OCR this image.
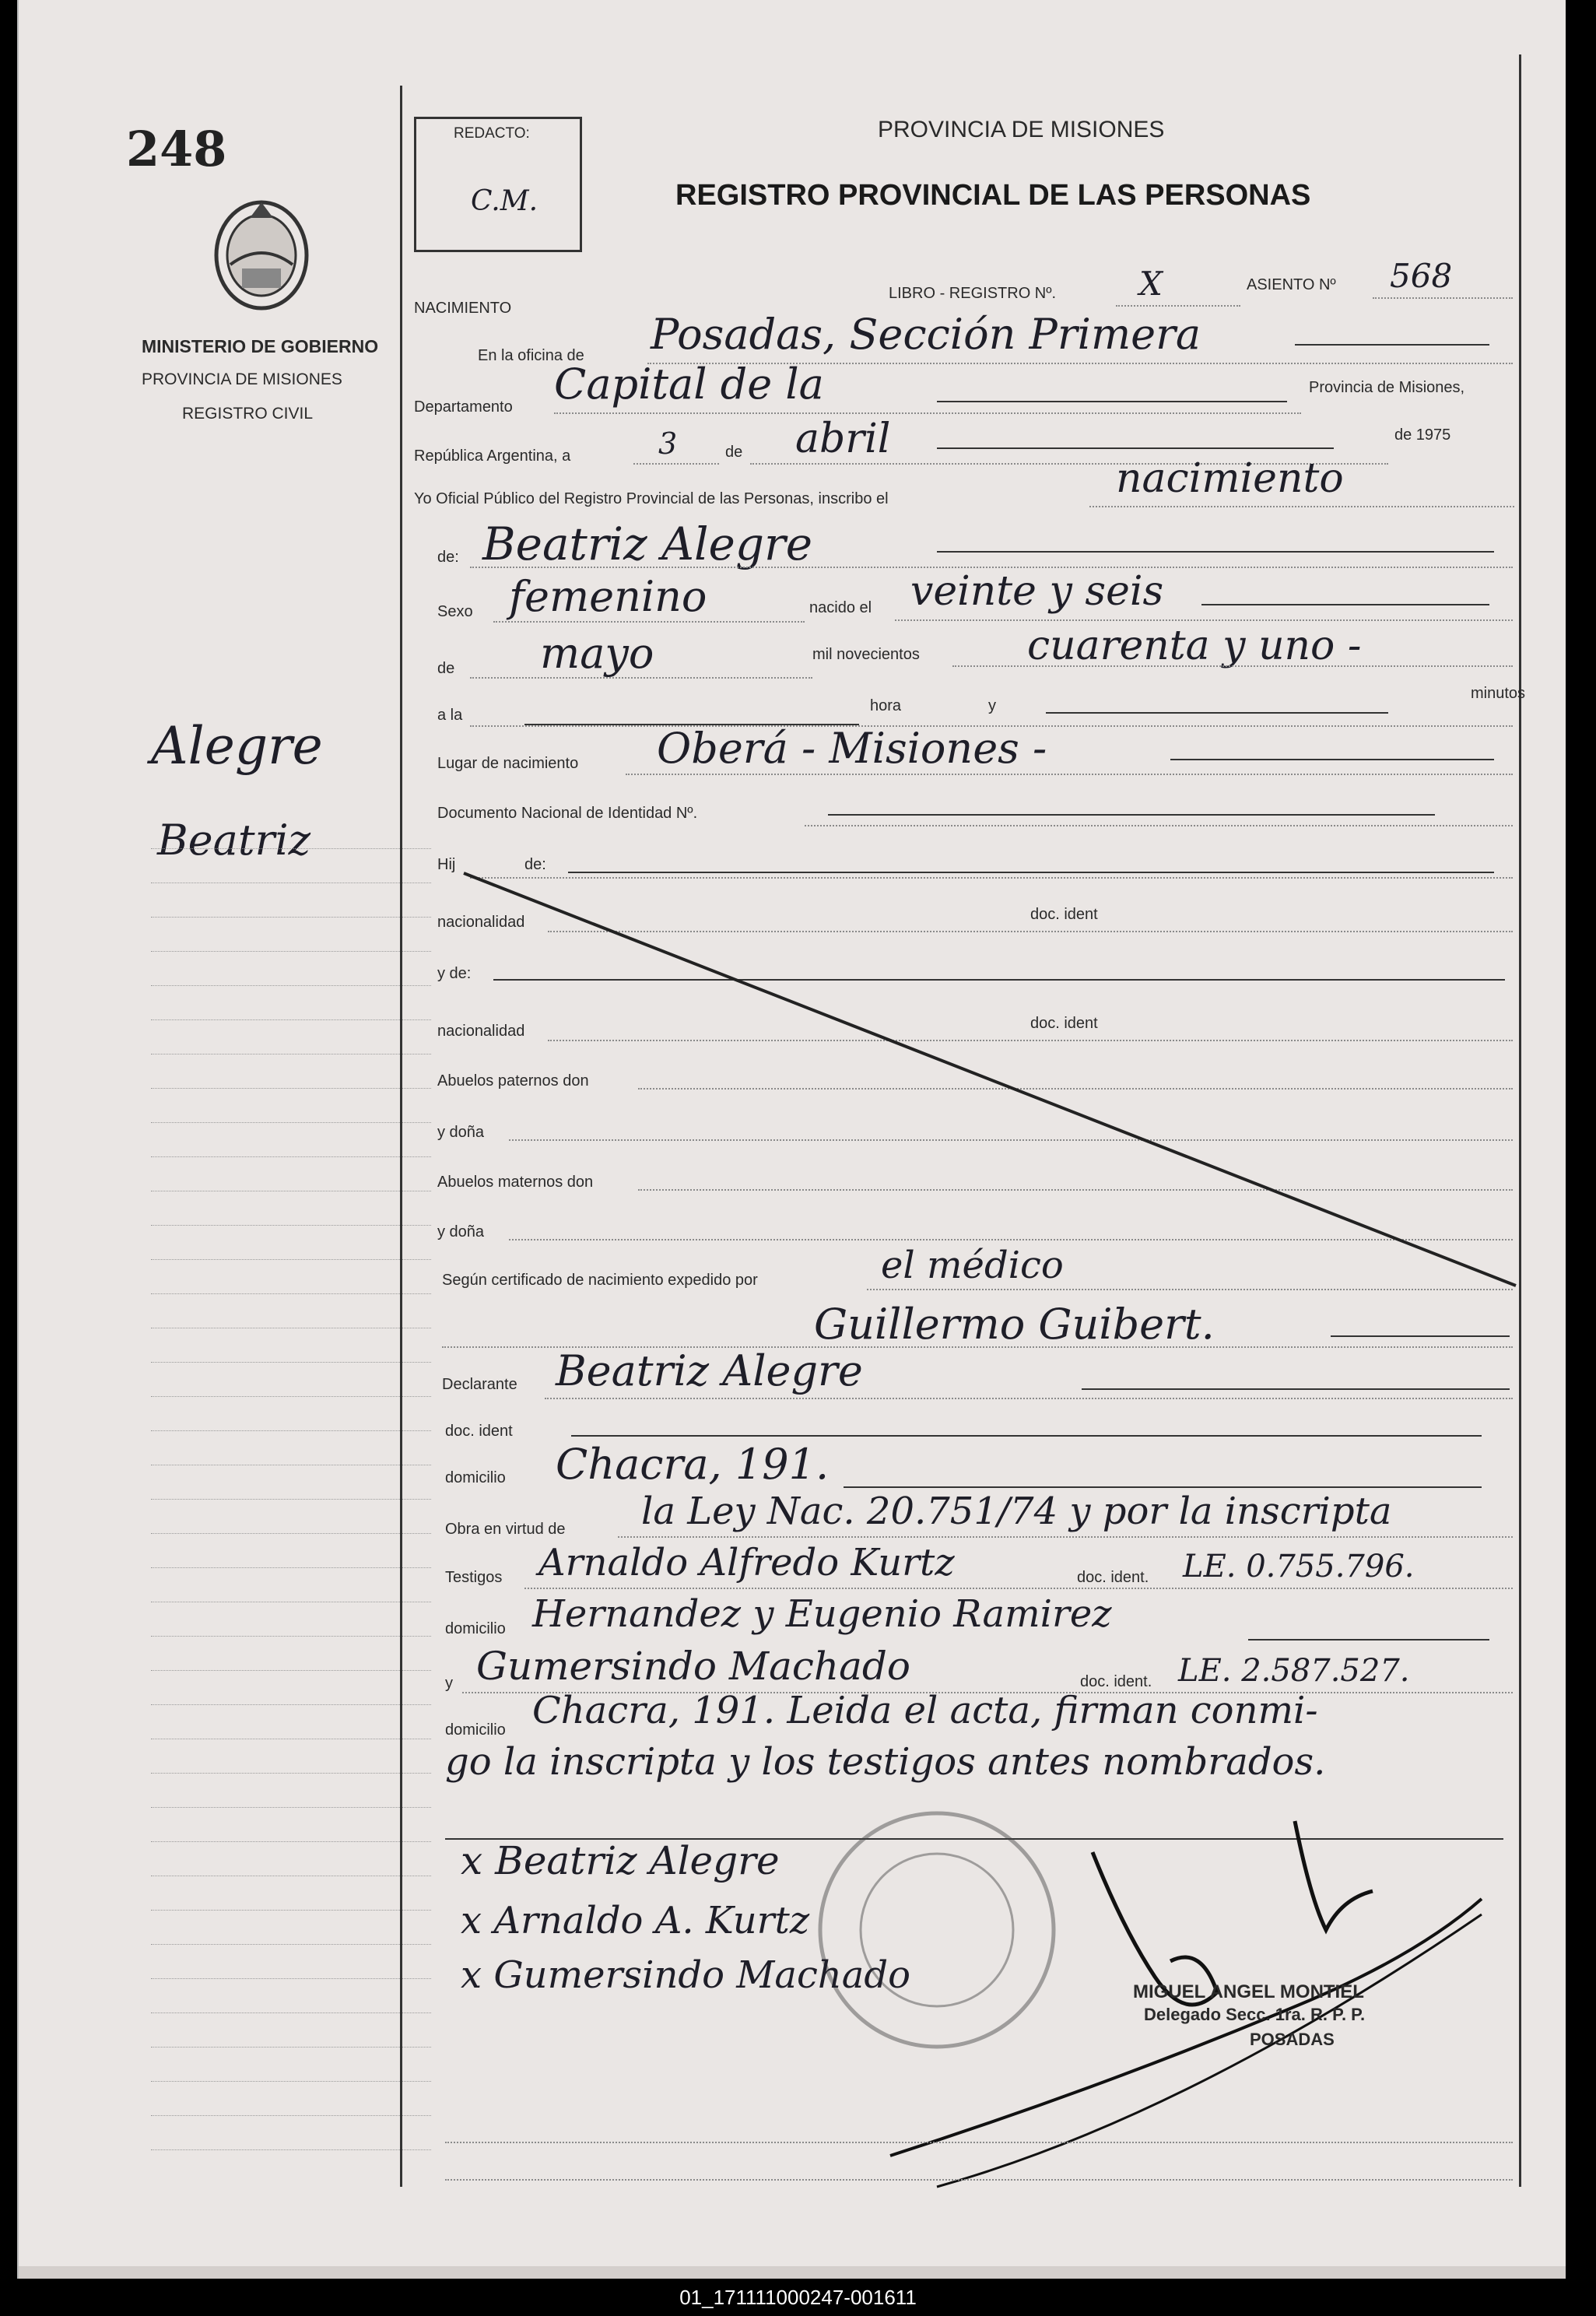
248
MINISTERIO DE GOBIERNO
PROVINCIA DE MISIONES
REGISTRO CIVIL
Alegre
Beatriz
REDACTO:
C.M.
PROVINCIA DE MISIONES
REGISTRO PROVINCIAL DE LAS PERSONAS
NACIMIENTO
LIBRO - REGISTRO Nº.	X	ASIENTO Nº 568
En la oficina de Posadas, Sección Primera
Departamento Capital de la	Provincia de Misiones,
República Argentina, a	3	de abril	de 1975
Yo Oficial Público del Registro Provincial de las Personas, inscribo el	nacimiento
de: Beatriz Alegre
Sexo femenino	nacido el veinte y seis
de mayo	mil novecientos	cuarenta y uno -
a la
hora	y
minutos
Lugar de nacimiento Oberá - Misiones -
Documento Nacional de Identidad Nº.
Hij	de:
nacionalidad	doc. ident
y de:
nacionalidad	doc. ident
Abuelos paternos don
y doña
Abuelos maternos don
y doña
Según certificado de nacimiento expedido por	el médico
Guillermo Guibert.
Declarante Beatriz Alegre
doc. ident
domicilio Chacra, 191.
Obra en virtud de la Ley Nac. 20.751/74 y por la inscripta
Testigos Arnaldo Alfredo Kurtz	doc. ident. LE. 0.755.796.
domicilio Hernandez y Eugenio Ramirez
y Gumersindo Machado	doc. ident. LE. 2.587.527.
domicilio Chacra, 191. Leida el acta, firman conmi-
go la inscripta y los testigos antes nombrados.
x Beatriz Alegre
x Arnaldo A. Kurtz
x Gumersindo Machado	MIGUEL ANGEL MONTIEL
Delegado Secc. 1ra. R. P. P.
POSADAS
01_171111000247-001611
